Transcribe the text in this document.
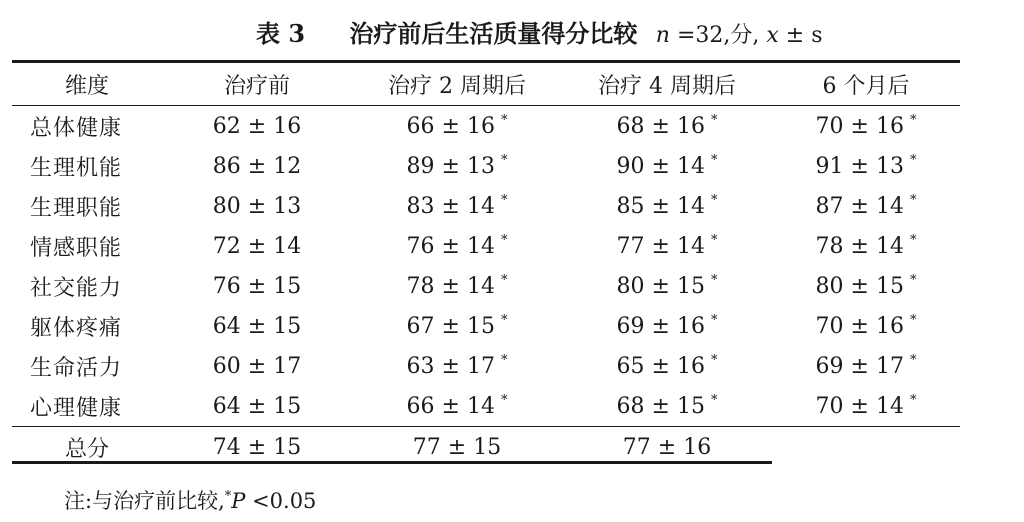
表 3 治疗前后生活质量得分比较 n =32,分, x ± s
维度	治疗前	治疗 2 周期后	治疗 4 周期后	6 个月后
总体健康	62 ± 16	66 ± 16 *	68 ± 16 *	70 ± 16 *
生理机能	86 ± 12	89 ± 13 *	90 ± 14 *	91 ± 13 *
生理职能	80 ± 13	83 ± 14 *	85 ± 14 *	87 ± 14 *
情感职能	72 ± 14	76 ± 14 *	77 ± 14 *	78 ± 14 *
社交能力	76 ± 15	78 ± 14 *	80 ± 15 *	80 ± 15 *
躯体疼痛	64 ± 15	67 ± 15 *	69 ± 16 *	70 ± 16 *
生命活力	60 ± 17	63 ± 17 *	65 ± 16 *	69 ± 17 *
心理健康	64 ± 15	66 ± 14 *	68 ± 15 *	70 ± 14 *
总分	74 ± 15	77 ± 15	77 ± 16	
注:与治疗前比较,*P <0.05
